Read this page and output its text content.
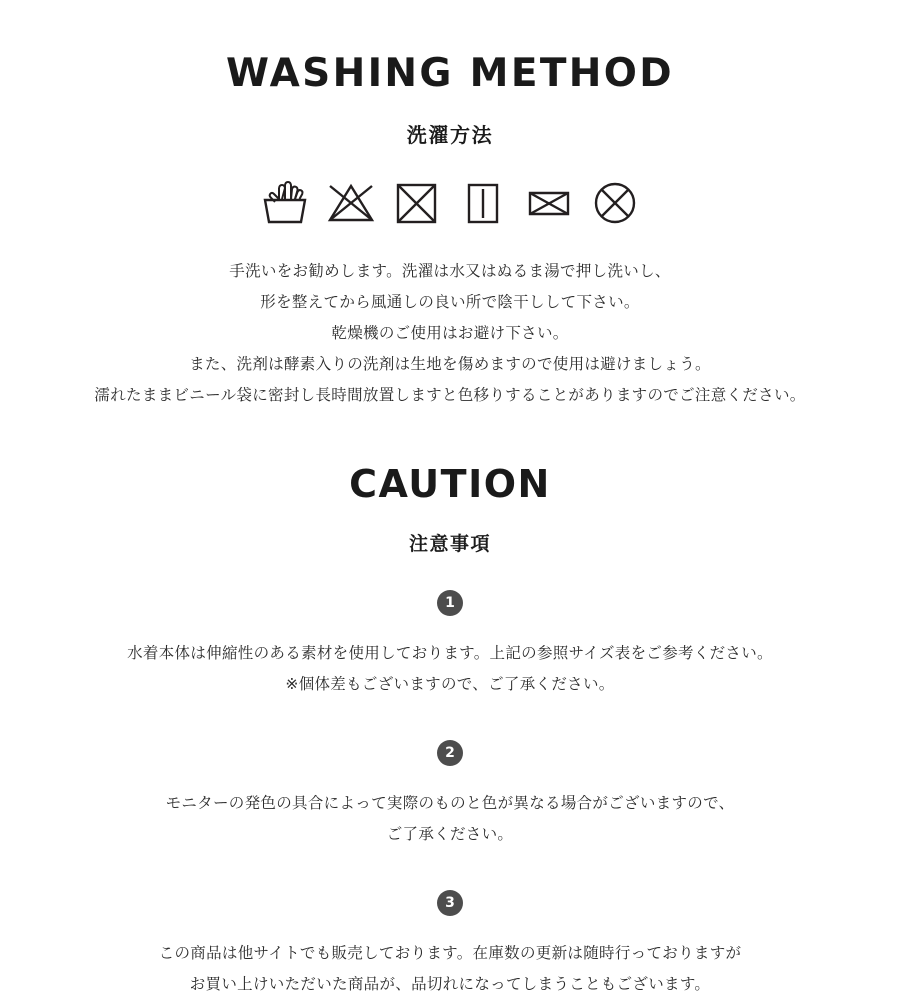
WASHING METHOD
洗濯方法
手洗いをお勧めします。洗濯は水又はぬるま湯で押し洗いし、
形を整えてから風通しの良い所で陰干しして下さい。
乾燥機のご使用はお避け下さい。
また、洗剤は酵素入りの洗剤は生地を傷めますので使用は避けましょう。
濡れたままビニール袋に密封し長時間放置しますと色移りすることがありますのでご注意ください。
CAUTION
注意事項
1
水着本体は伸縮性のある素材を使用しております。上記の参照サイズ表をご参考ください。
※個体差もございますので、ご了承ください。
2
モニターの発色の具合によって実際のものと色が異なる場合がございますので、
ご了承ください。
3
この商品は他サイトでも販売しております。在庫数の更新は随時行っておりますが
お買い上けいただいた商品が、品切れになってしまうこともございます。
